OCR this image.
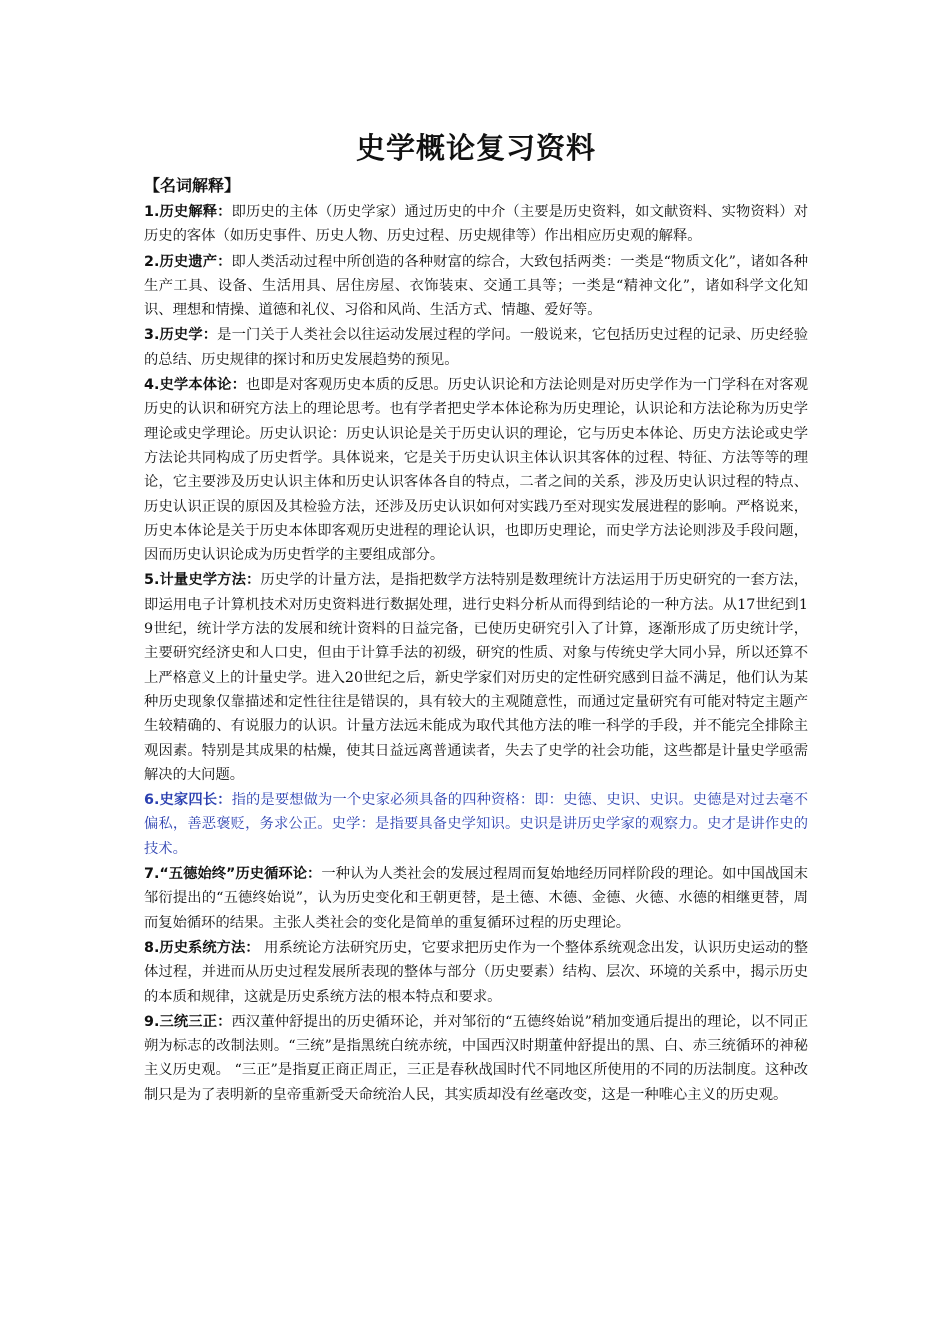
史学概论复习资料
【名词解释】

1.历史解释：即历史的主体（历史学家）通过历史的中介（主要是历史资料，如文献资料、实物资料）对历史的客体（如历史事件、历史人物、历史过程、历史规律等）作出相应历史观的解释。

2.历史遗产：即人类活动过程中所创造的各种财富的综合，大致包括两类：一类是“物质文化”，诸如各种生产工具、设备、生活用具、居住房屋、衣饰装束、交通工具等；一类是“精神文化”，诸如科学文化知识、理想和情操、道德和礼仪、习俗和风尚、生活方式、情趣、爱好等。

3.历史学：是一门关于人类社会以往运动发展过程的学问。一般说来，它包括历史过程的记录、历史经验的总结、历史规律的探讨和历史发展趋势的预见。

4.史学本体论：也即是对客观历史本质的反思。历史认识论和方法论则是对历史学作为一门学科在对客观历史的认识和研究方法上的理论思考。也有学者把史学本体论称为历史理论，认识论和方法论称为历史学理论或史学理论。历史认识论：历史认识论是关于历史认识的理论，它与历史本体论、历史方法论或史学方法论共同构成了历史哲学。具体说来，它是关于历史认识主体认识其客体的过程、特征、方法等等的理论，它主要涉及历史认识主体和历史认识客体各自的特点，二者之间的关系，涉及历史认识过程的特点、历史认识正误的原因及其检验方法，还涉及历史认识如何对实践乃至对现实发展进程的影响。严格说来，历史本体论是关于历史本体即客观历史进程的理论认识，也即历史理论，而史学方法论则涉及手段问题，因而历史认识论成为历史哲学的主要组成部分。

5.计量史学方法：历史学的计量方法，是指把数学方法特别是数理统计方法运用于历史研究的一套方法，即运用电子计算机技术对历史资料进行数据处理，进行史料分析从而得到结论的一种方法。从17世纪到19世纪，统计学方法的发展和统计资料的日益完备，已使历史研究引入了计算，逐渐形成了历史统计学，主要研究经济史和人口史，但由于计算手法的初级，研究的性质、对象与传统史学大同小异，所以还算不上严格意义上的计量史学。进入20世纪之后，新史学家们对历史的定性研究感到日益不满足，他们认为某种历史现象仅靠描述和定性往往是错误的，具有较大的主观随意性，而通过定量研究有可能对特定主题产生较精确的、有说服力的认识。计量方法远未能成为取代其他方法的唯一科学的手段，并不能完全排除主观因素。特别是其成果的枯燥，使其日益远离普通读者，失去了史学的社会功能，这些都是计量史学亟需解决的大问题。

6.史家四长：指的是要想做为一个史家必须具备的四种资格：即：史德、史识、史识。史德是对过去毫不偏私，善恶褒贬，务求公正。史学：是指要具备史学知识。史识是讲历史学家的观察力。史才是讲作史的技术。

7.“五德始终”历史循环论：一种认为人类社会的发展过程周而复始地经历同样阶段的理论。如中国战国末邹衍提出的“五德终始说”，认为历史变化和王朝更替，是土德、木德、金德、火德、水德的相继更替，周而复始循环的结果。主张人类社会的变化是简单的重复循环过程的历史理论。

8.历史系统方法： 用系统论方法研究历史，它要求把历史作为一个整体系统观念出发，认识历史运动的整体过程，并进而从历史过程发展所表现的整体与部分（历史要素）结构、层次、环境的关系中，揭示历史的本质和规律，这就是历史系统方法的根本特点和要求。

9.三统三正：西汉董仲舒提出的历史循环论，并对邹衍的“五德终始说”稍加变通后提出的理论，以不同正朔为标志的改制法则。“三统”是指黑统白统赤统，中国西汉时期董仲舒提出的黑、白、赤三统循环的神秘主义历史观。 “三正”是指夏正商正周正，三正是春秋战国时代不同地区所使用的不同的历法制度。这种改制只是为了表明新的皇帝重新受天命统治人民，其实质却没有丝毫改变，这是一种唯心主义的历史观。
